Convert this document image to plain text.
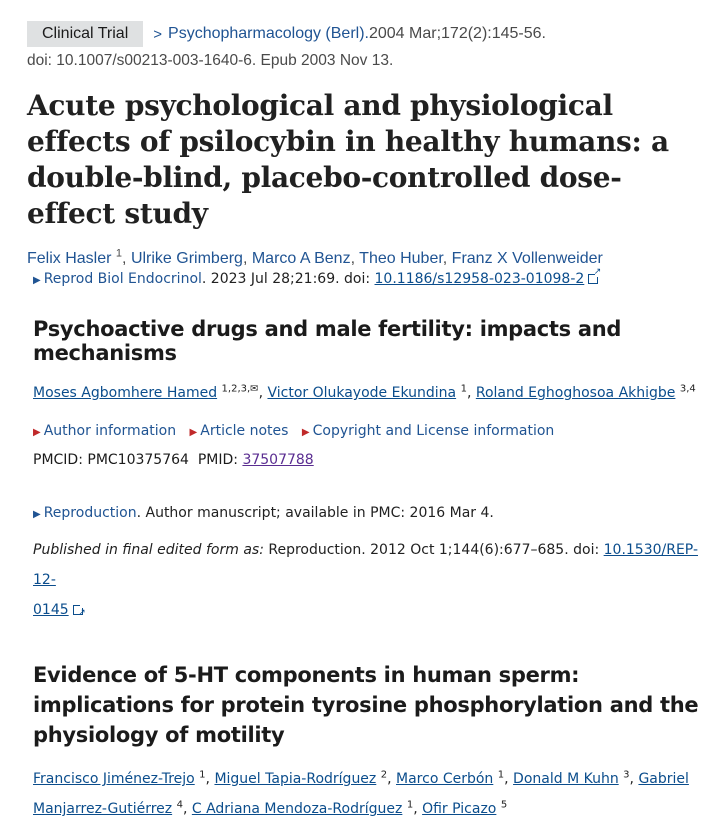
Clinical Trial	> Psychopharmacology (Berl). 2004 Mar;172(2):145-56.
doi: 10.1007/s00213-003-1640-6. Epub 2003 Nov 13.
Acute psychological and physiological effects of psilocybin in healthy humans: a double-blind, placebo-controlled dose-effect study
Felix Hasler $^1$, Ulrike Grimberg, Marco A Benz, Theo Huber, Franz X Vollenweider
▶ Reprod Biol Endocrinol. 2023 Jul 28;21:69. doi: 10.1186/s12958-023-01098-2↗
Psychoactive drugs and male fertility: impacts and mechanisms
Moses Agbomhere Hamed $^{1,2,3,✉}$, Victor Olukayode Ekundina $^1$, Roland Eghoghosoa Akhigbe $^{3,4}$
▶ Author information ▶ Article notes ▶ Copyright and License information
PMCID: PMC10375764  PMID: 37507788
▶ Reproduction. Author manuscript; available in PMC: 2016 Mar 4.
Published in final edited form as: Reproduction. 2012 Oct 1;144(6):677–685. doi: 10.1530/REP-12-
0145↗
Evidence of 5-HT components in human sperm: implications for protein tyrosine phosphorylation and the physiology of motility
Francisco Jiménez-Trejo $^1$, Miguel Tapia-Rodríguez $^2$, Marco Cerbón $^1$, Donald M Kuhn $^3$, Gabriel Manjarrez-Gutiérrez $^4$, C Adriana Mendoza-Rodríguez $^1$, Ofir Picazo $^5$
